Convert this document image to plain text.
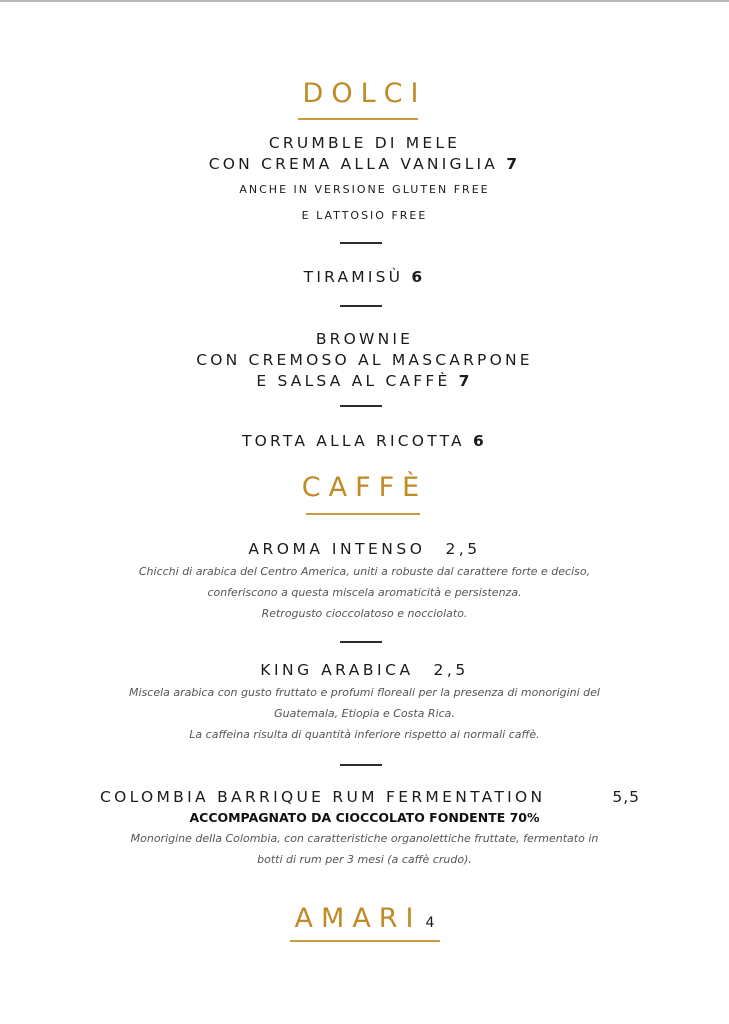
DOLCI
CRUMBLE DI MELE
CON CREMA ALLA VANIGLIA 7
ANCHE IN VERSIONE GLUTEN FREE
E LATTOSIO FREE
TIRAMISÙ 6
BROWNIE
CON CREMOSO AL MASCARPONE
E SALSA AL CAFFÈ 7
TORTA ALLA RICOTTA 6
CAFFÈ
AROMA INTENSO 2,5
Chicchi di arabica del Centro America, uniti a robuste dal carattere forte e deciso,
conferiscono a questa miscela aromaticità e persistenza.
Retrogusto cioccolatoso e nocciolato.
KING ARABICA 2,5
Miscela arabica con gusto fruttato e profumi floreali per la presenza di monorigini del
Guatemala, Etiopia e Costa Rica.
La caffeina risulta di quantità inferiore rispetto ai normali caffè.
COLOMBIA BARRIQUE RUM FERMENTATION	5,5
ACCOMPAGNATO DA CIOCCOLATO FONDENTE 70%
Monorigine della Colombia, con caratteristiche organolettiche fruttate, fermentato in
botti di rum per 3 mesi (a caffè crudo).
AMARI 4
